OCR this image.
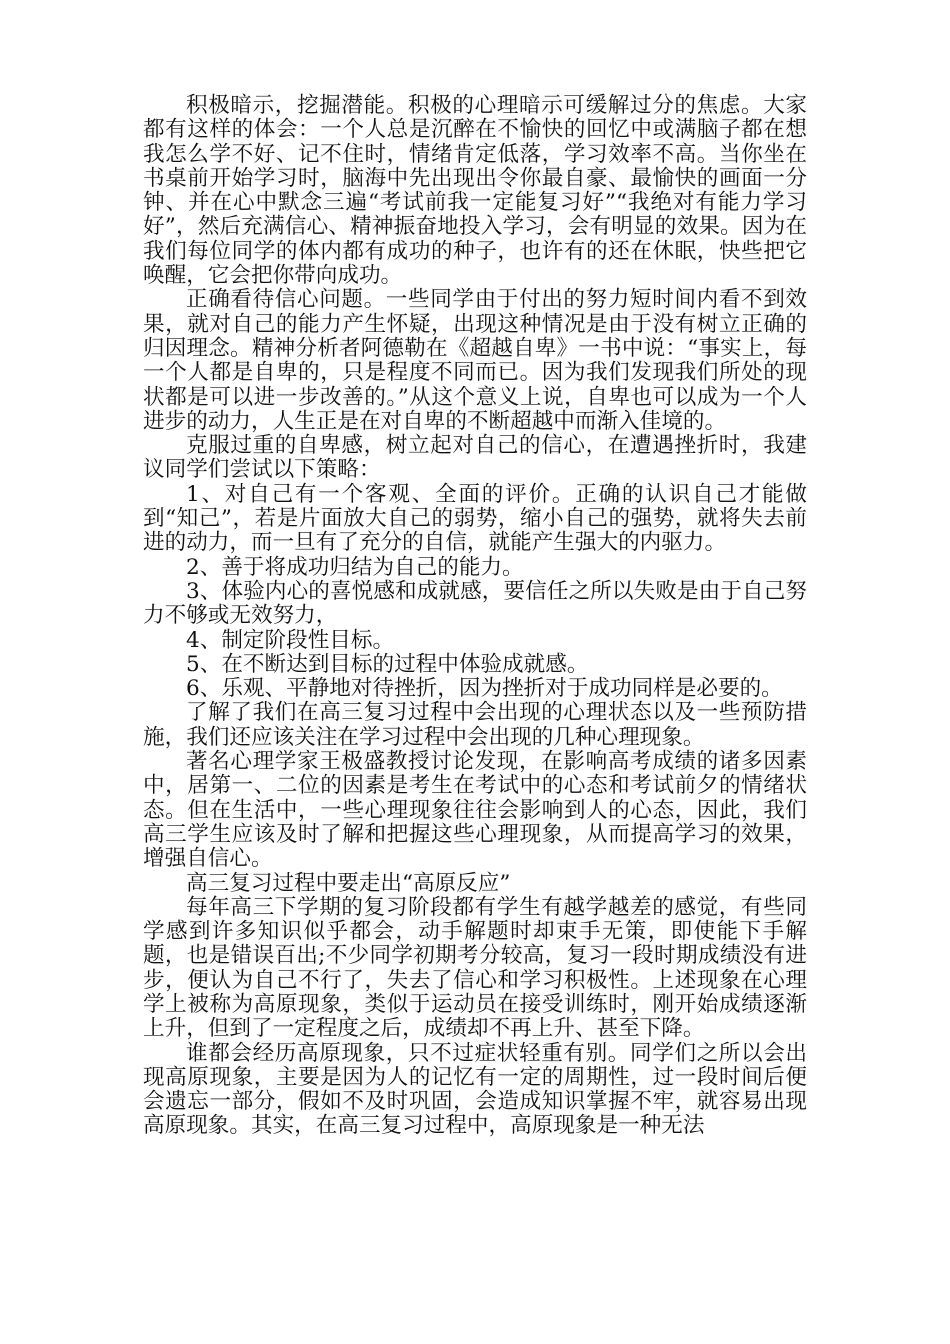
积极暗示，挖掘潜能。积极的心理暗示可缓解过分的焦虑。大家都有这样的体会：一个人总是沉醉在不愉快的回忆中或满脑子都在想我怎么学不好、记不住时，情绪肯定低落，学习效率不高。当你坐在书桌前开始学习时，脑海中先出现出令你最自豪、最愉快的画面一分钟、并在心中默念三遍“考试前我一定能复习好”“我绝对有能力学习好”，然后充满信心、精神振奋地投入学习，会有明显的效果。因为在我们每位同学的体内都有成功的种子，也许有的还在休眠，快些把它唤醒，它会把你带向成功。

正确看待信心问题。一些同学由于付出的努力短时间内看不到效果，就对自己的能力产生怀疑，出现这种情况是由于没有树立正确的归因理念。精神分析者阿德勒在《超越自卑》一书中说：“事实上，每一个人都是自卑的，只是程度不同而已。因为我们发现我们所处的现状都是可以进一步改善的。”从这个意义上说，自卑也可以成为一个人进步的动力，人生正是在对自卑的不断超越中而渐入佳境的。

克服过重的自卑感，树立起对自己的信心，在遭遇挫折时，我建议同学们尝试以下策略：

1、对自己有一个客观、全面的评价。正确的认识自己才能做到“知己”，若是片面放大自己的弱势，缩小自己的强势，就将失去前进的动力，而一旦有了充分的自信，就能产生强大的内驱力。

2、善于将成功归结为自己的能力。

3、体验内心的喜悦感和成就感，要信任之所以失败是由于自己努力不够或无效努力，

4、制定阶段性目标。

5、在不断达到目标的过程中体验成就感。

6、乐观、平静地对待挫折，因为挫折对于成功同样是必要的。

了解了我们在高三复习过程中会出现的心理状态以及一些预防措施，我们还应该关注在学习过程中会出现的几种心理现象。

著名心理学家王极盛教授讨论发现，在影响高考成绩的诸多因素中，居第一、二位的因素是考生在考试中的心态和考试前夕的情绪状态。但在生活中，一些心理现象往往会影响到人的心态，因此，我们高三学生应该及时了解和把握这些心理现象，从而提高学习的效果，增强自信心。

高三复习过程中要走出“高原反应”

每年高三下学期的复习阶段都有学生有越学越差的感觉，有些同学感到许多知识似乎都会，动手解题时却束手无策，即使能下手解题，也是错误百出;不少同学初期考分较高，复习一段时期成绩没有进步，便认为自己不行了，失去了信心和学习积极性。上述现象在心理学上被称为高原现象，类似于运动员在接受训练时，刚开始成绩逐渐上升，但到了一定程度之后，成绩却不再上升、甚至下降。

谁都会经历高原现象，只不过症状轻重有别。同学们之所以会出现高原现象，主要是因为人的记忆有一定的周期性，过一段时间后便会遗忘一部分，假如不及时巩固，会造成知识掌握不牢，就容易出现高原现象。其实，在高三复习过程中，高原现象是一种无法
